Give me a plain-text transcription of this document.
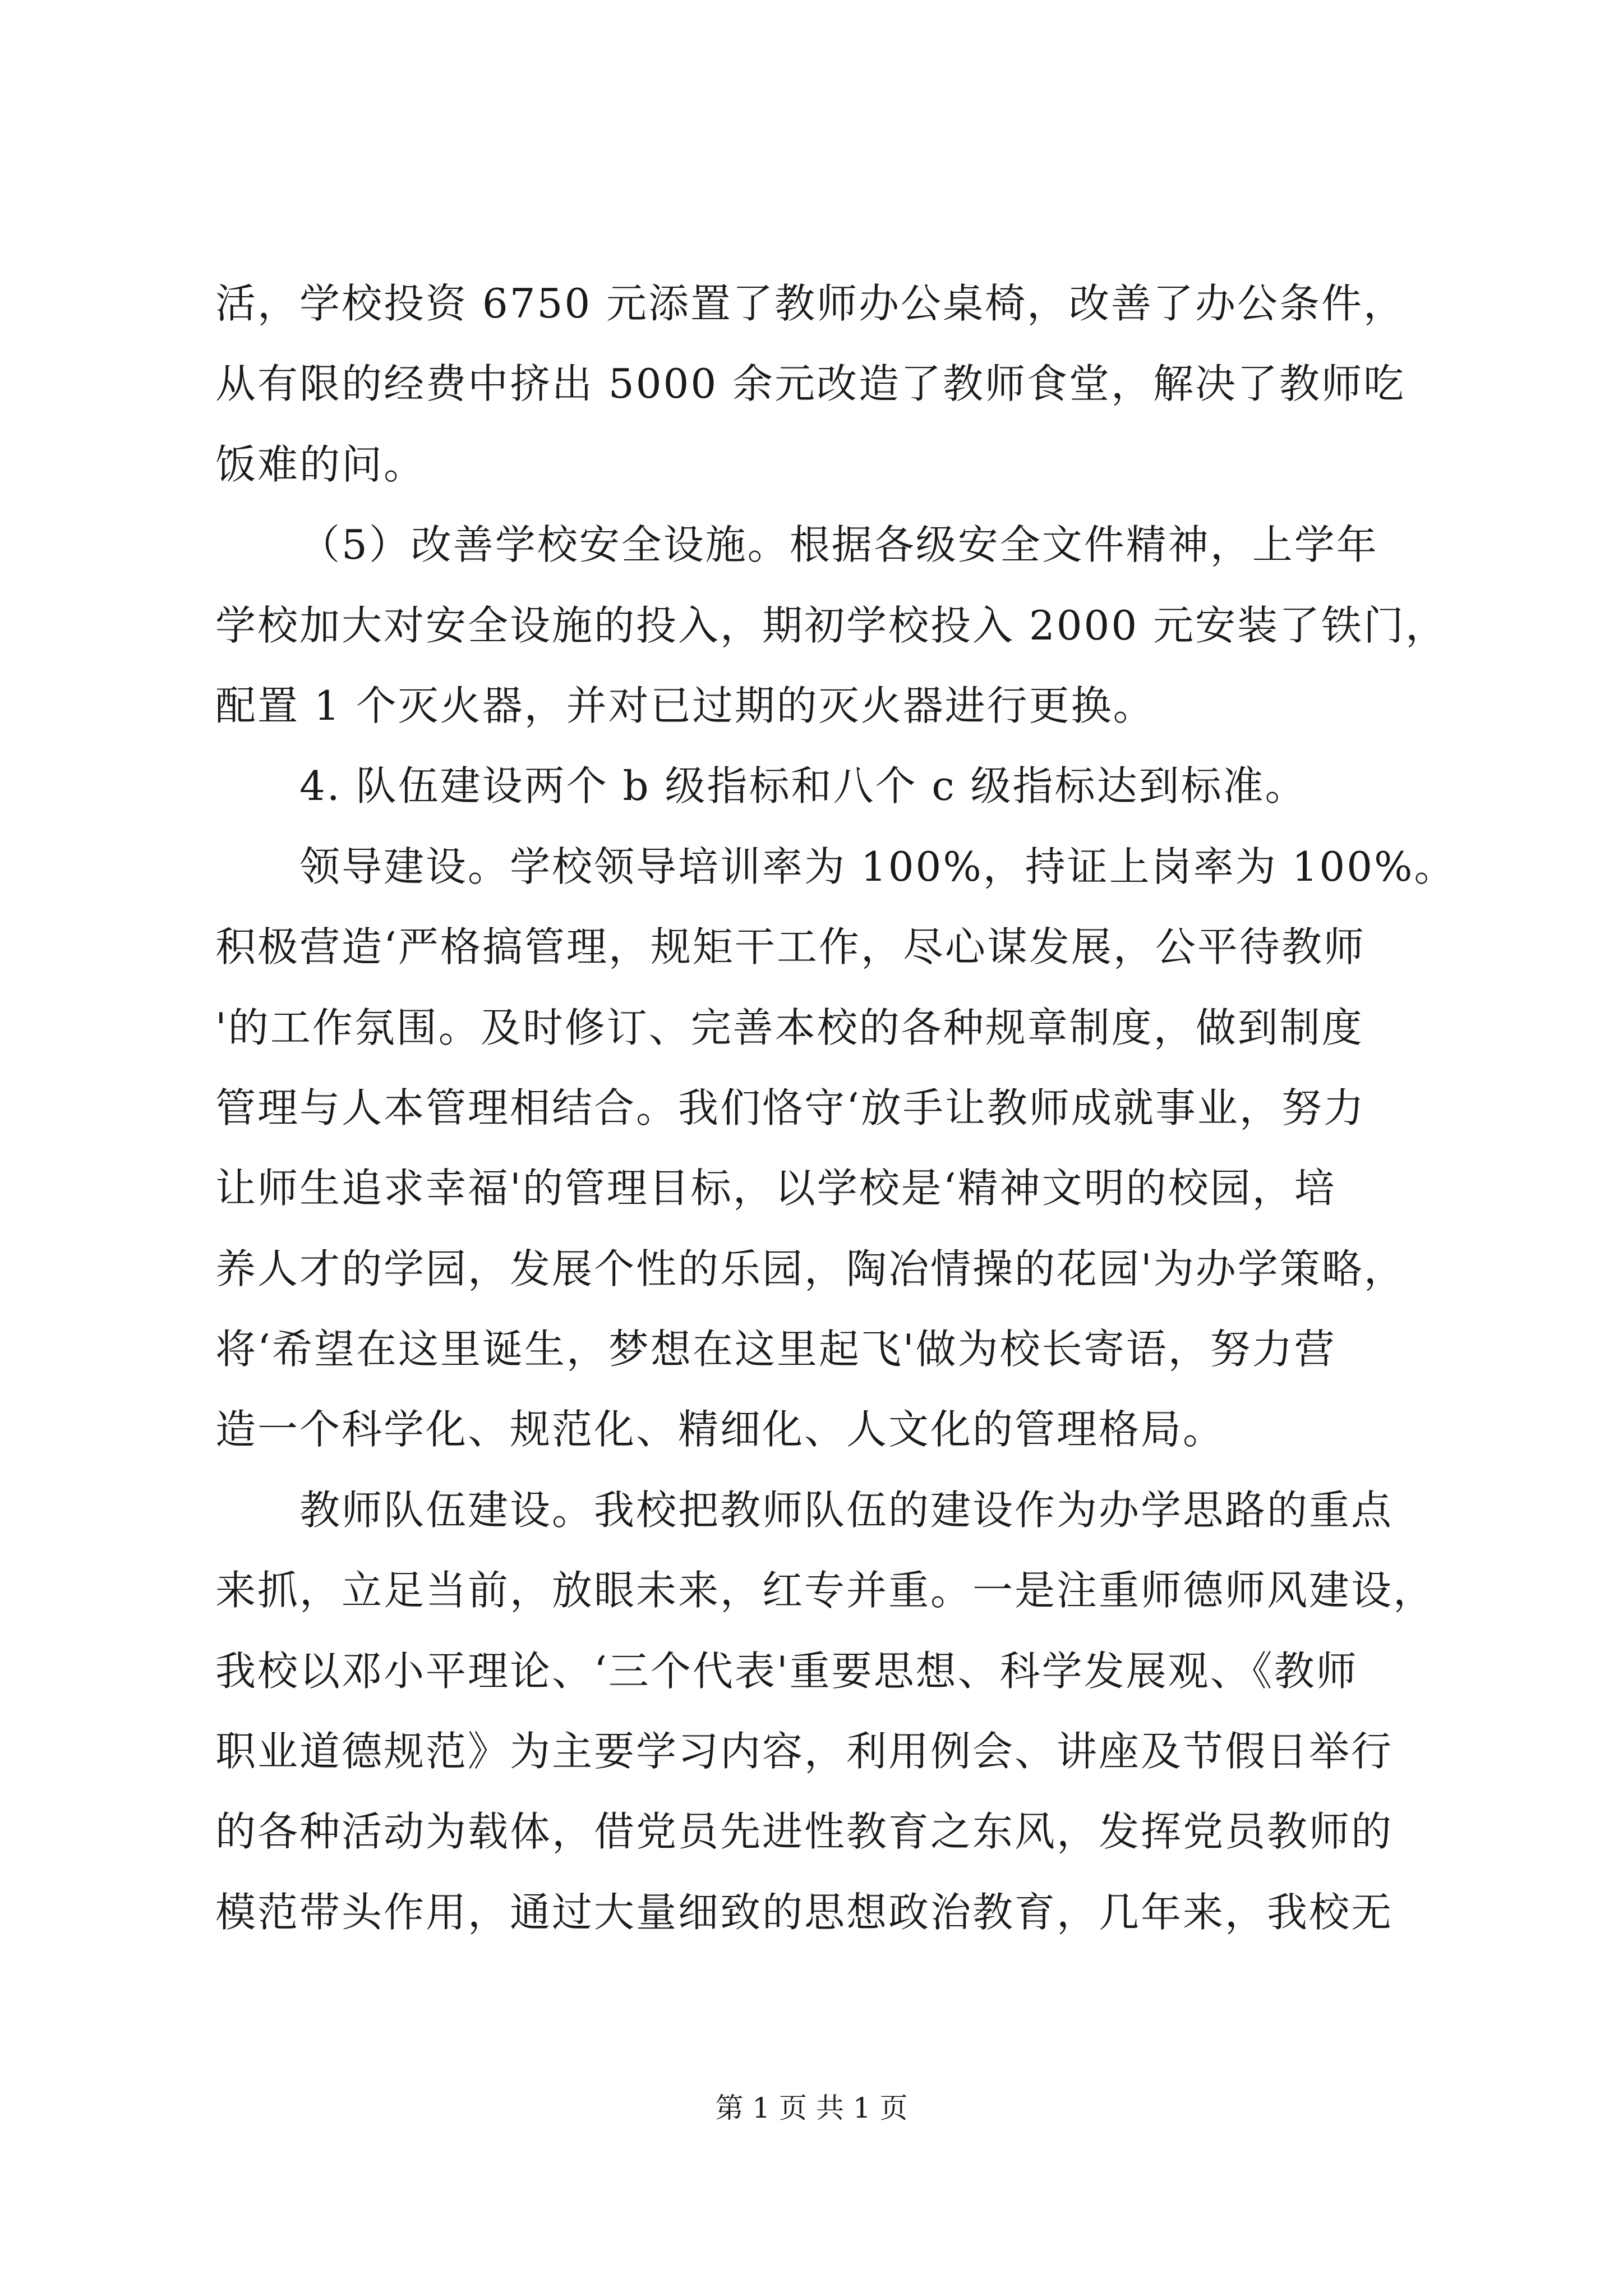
活，学校投资 6750 元添置了教师办公桌椅，改善了办公条件，
从有限的经费中挤出 5000 余元改造了教师食堂，解决了教师吃
饭难的问。
（5）改善学校安全设施。根据各级安全文件精神，上学年
学校加大对安全设施的投入，期初学校投入 2000 元安装了铁门，
配置 1 个灭火器，并对已过期的灭火器进行更换。
4. 队伍建设两个 b 级指标和八个 c 级指标达到标准。
领导建设。学校领导培训率为 100%，持证上岗率为 100%。
积极营造‘严格搞管理，规矩干工作，尽心谋发展，公平待教师
'的工作氛围。及时修订、完善本校的各种规章制度，做到制度
管理与人本管理相结合。我们恪守‘放手让教师成就事业，努力
让师生追求幸福'的管理目标，以学校是‘精神文明的校园，培
养人才的学园，发展个性的乐园，陶冶情操的花园'为办学策略，
将‘希望在这里诞生，梦想在这里起飞'做为校长寄语，努力营
造一个科学化、规范化、精细化、人文化的管理格局。
教师队伍建设。我校把教师队伍的建设作为办学思路的重点
来抓，立足当前，放眼未来，红专并重。一是注重师德师风建设，
我校以邓小平理论、‘三个代表'重要思想、科学发展观、《教师
职业道德规范》为主要学习内容，利用例会、讲座及节假日举行
的各种活动为载体，借党员先进性教育之东风，发挥党员教师的
模范带头作用，通过大量细致的思想政治教育，几年来，我校无
第 1 页 共 1 页
